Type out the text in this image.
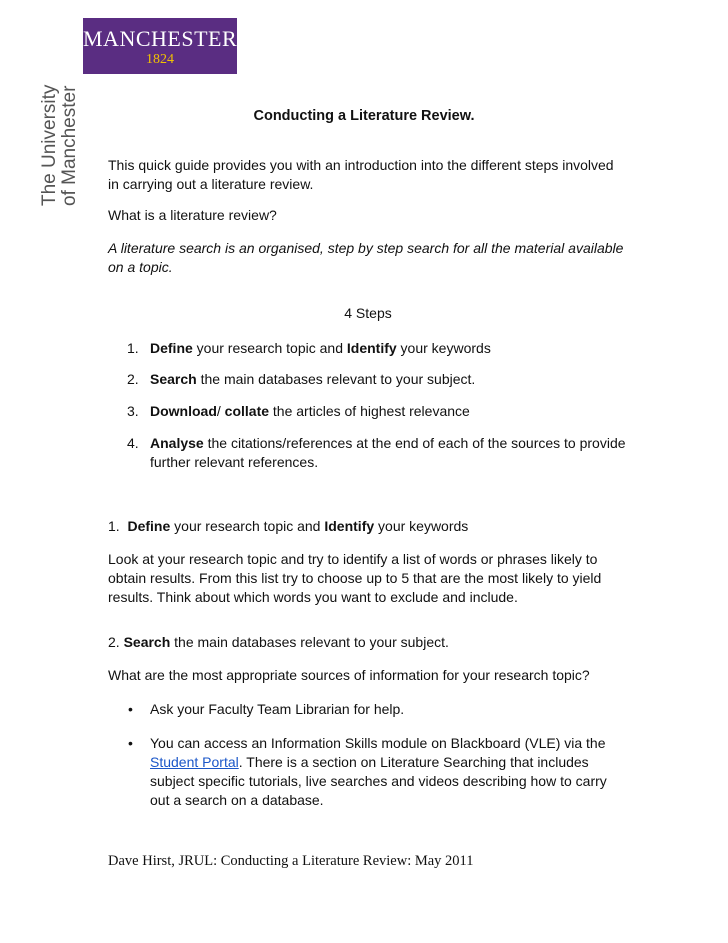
MANCHESTER
1824
The University of Manchester	Conducting a Literature Review.

This quick guide provides you with an introduction into the different steps involved in carrying out a literature review.

What is a literature review?

A literature search is an organised, step by step search for all the material available on a topic.

4 Steps
1. Define your research topic and Identify your keywords
2. Search the main databases relevant to your subject.
3. Download/ collate the articles of highest relevance
4. Analyse the citations/references at the end of each of the sources to provide further relevant references.
1. Define your research topic and Identify your keywords

Look at your research topic and try to identify a list of words or phrases likely to obtain results. From this list try to choose up to 5 that are the most likely to yield results. Think about which words you want to exclude and include.

2. Search the main databases relevant to your subject.

What are the most appropriate sources of information for your research topic?

• Ask your Faculty Team Librarian for help.
• You can access an Information Skills module on Blackboard (VLE) via the Student Portal. There is a section on Literature Searching that includes subject specific tutorials, live searches and videos describing how to carry out a search on a database.
Dave Hirst, JRUL: Conducting a Literature Review: May 2011
